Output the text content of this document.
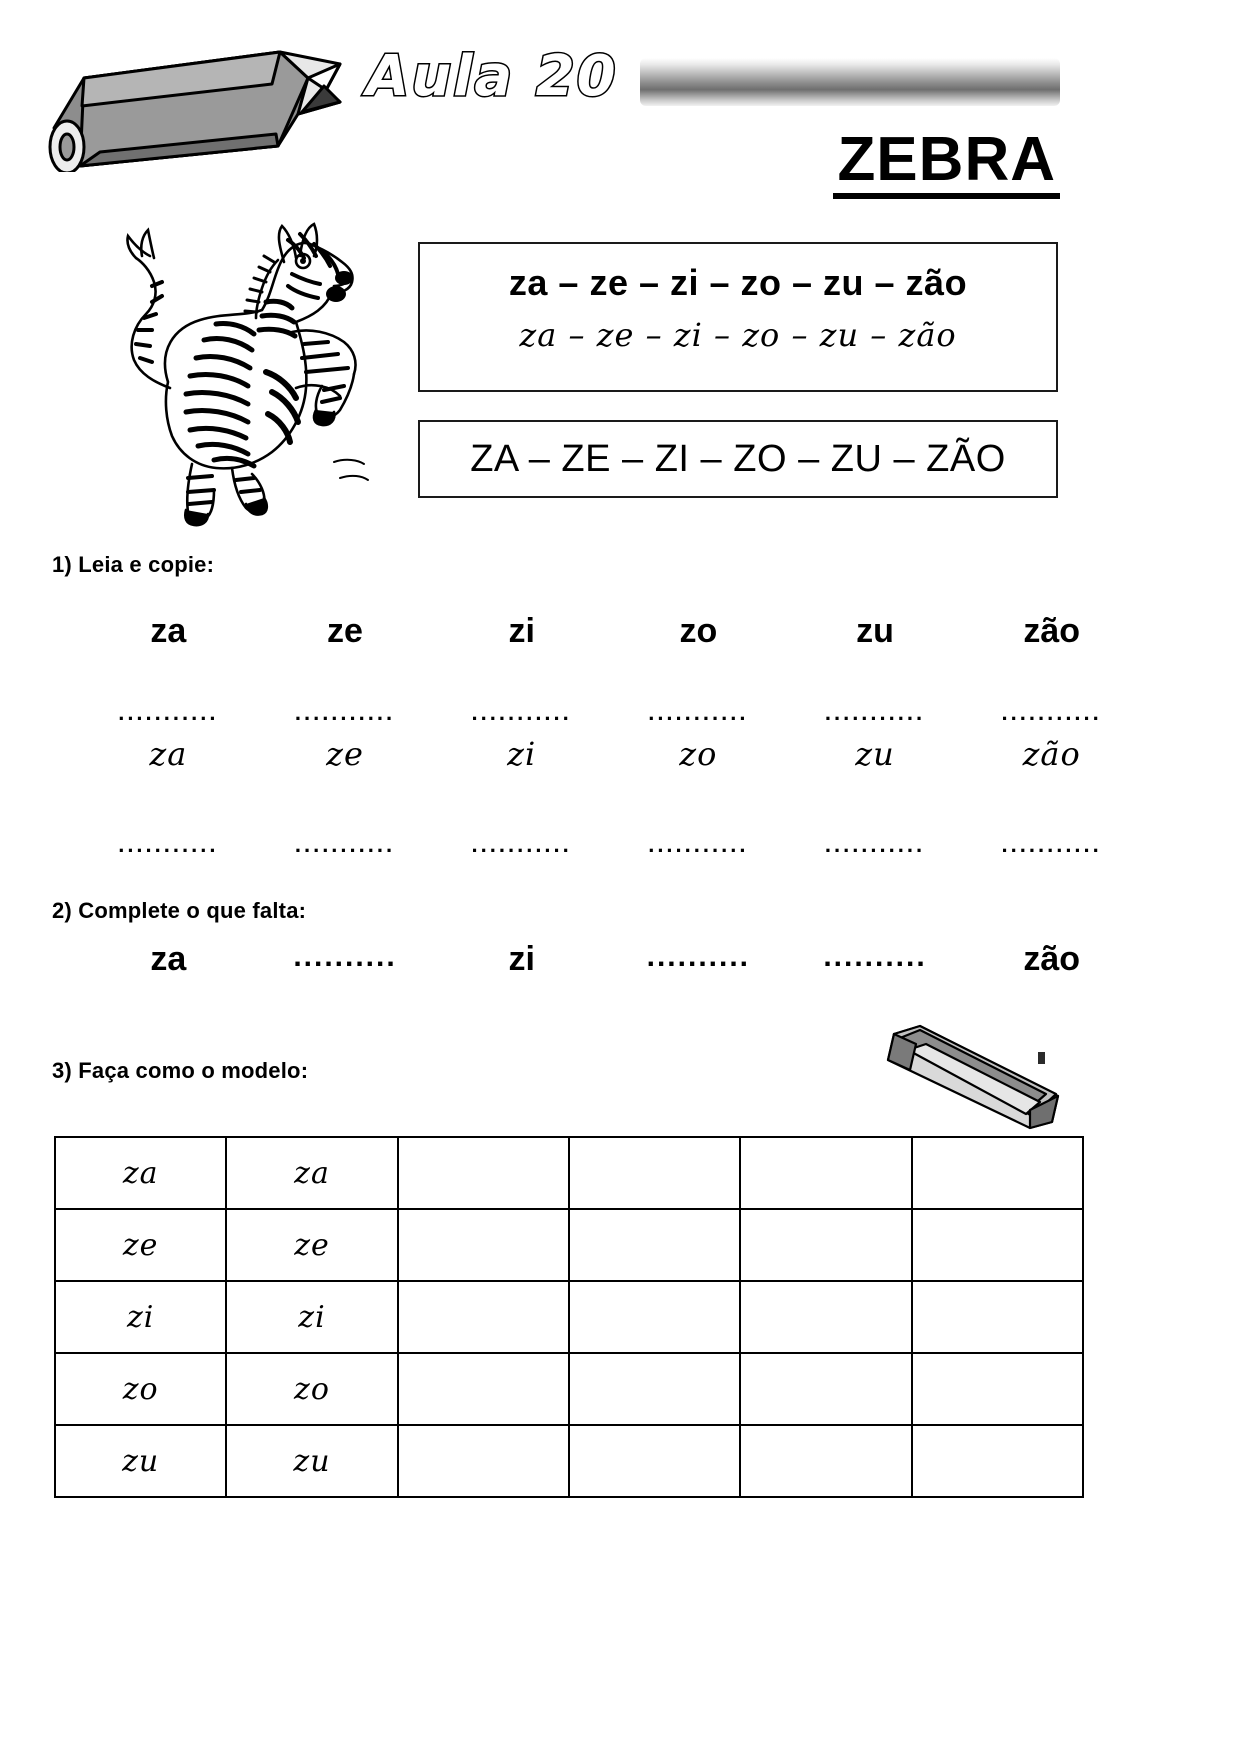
Aula 20
ZEBRA
za – ze – zi – zo – zu – zão
za – ze – zi – zo – zu – zão
ZA – ZE – ZI – ZO – ZU – ZÃO
1) Leia e copie:
za	ze	zi	zo	zu	zão
...........	...........	...........	...........	...........	...........
za	ze	zi	zo	zu	zão
...........	...........	...........	...........	...........	...........
2) Complete o que falta:
za	..........	zi	..........	..........	zão
3) Faça como o modelo:
za	za				
ze	ze				
zi	zi				
zo	zo				
zu	zu				
